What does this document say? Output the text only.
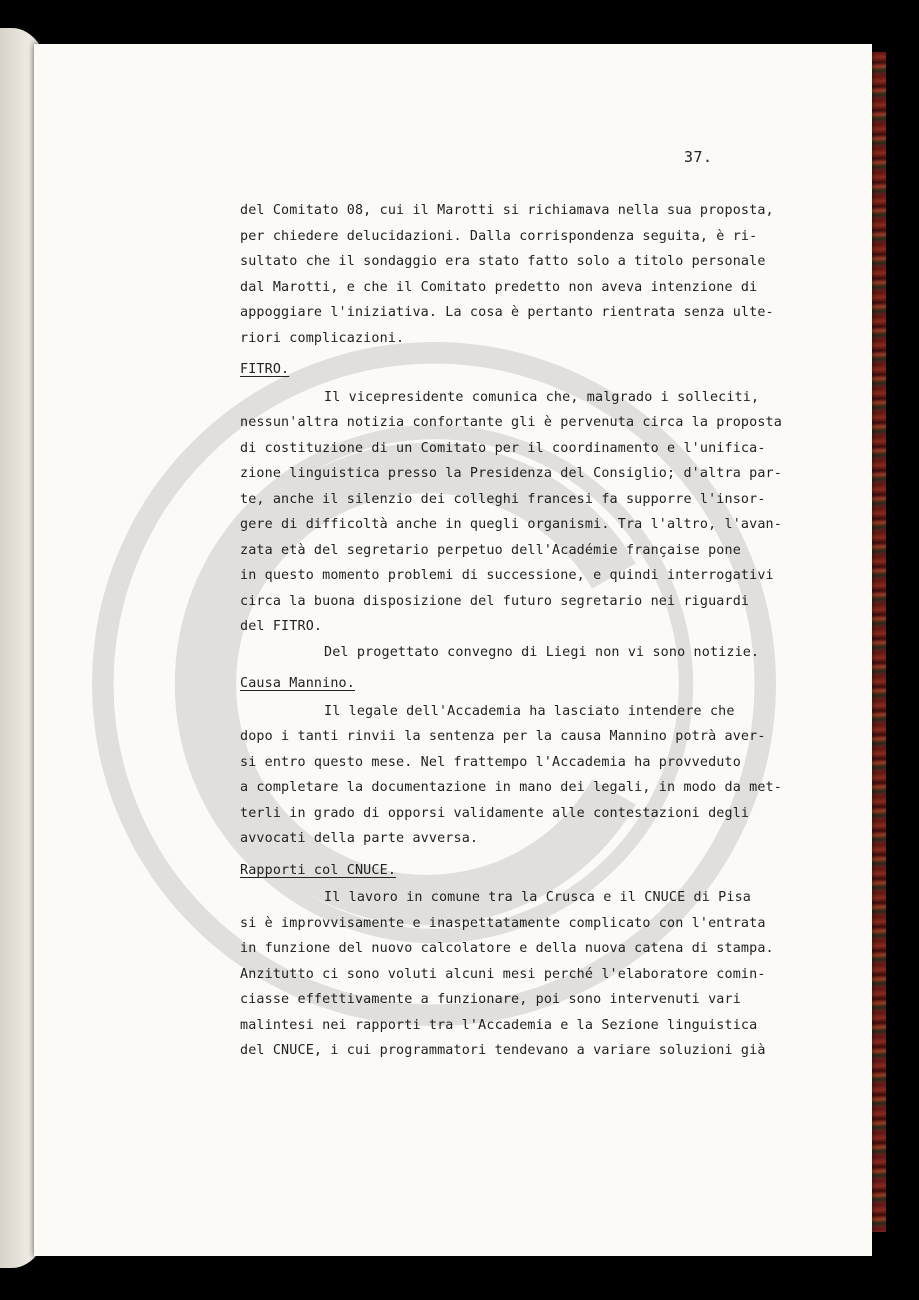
37.
del Comitato 08, cui il Marotti si richiamava nella sua proposta,
per chiedere delucidazioni. Dalla corrispondenza seguita, è ri-
sultato che il sondaggio era stato fatto solo a titolo personale
dal Marotti, e che il Comitato predetto non aveva intenzione di
appoggiare l'iniziativa. La cosa è pertanto rientrata senza ulte-
riori complicazioni.
FITRO.
Il vicepresidente comunica che, malgrado i solleciti,
nessun'altra notizia confortante gli è pervenuta circa la proposta
di costituzione di un Comitato per il coordinamento e l'unifica-
zione linguistica presso la Presidenza del Consiglio; d'altra par-
te, anche il silenzio dei colleghi francesi fa supporre l'insor-
gere di difficoltà anche in quegli organismi. Tra l'altro, l'avan-
zata età del segretario perpetuo dell'Académie française pone
in questo momento problemi di successione, e quindi interrogativi
circa la buona disposizione del futuro segretario nei riguardi
del FITRO.
Del progettato convegno di Liegi non vi sono notizie.
Causa Mannino.
Il legale dell'Accademia ha lasciato intendere che
dopo i tanti rinvii la sentenza per la causa Mannino potrà aver-
si entro questo mese. Nel frattempo l'Accademia ha provveduto
a completare la documentazione in mano dei legali, in modo da met-
terli in grado di opporsi validamente alle contestazioni degli
avvocati della parte avversa.
Rapporti col CNUCE.
Il lavoro in comune tra la Crusca e il CNUCE di Pisa
si è improvvisamente e inaspettatamente complicato con l'entrata
in funzione del nuovo calcolatore e della nuova catena di stampa.
Anzitutto ci sono voluti alcuni mesi perché l'elaboratore comin-
ciasse effettivamente a funzionare, poi sono intervenuti vari
malintesi nei rapporti tra l'Accademia e la Sezione linguistica
del CNUCE, i cui programmatori tendevano a variare soluzioni già
